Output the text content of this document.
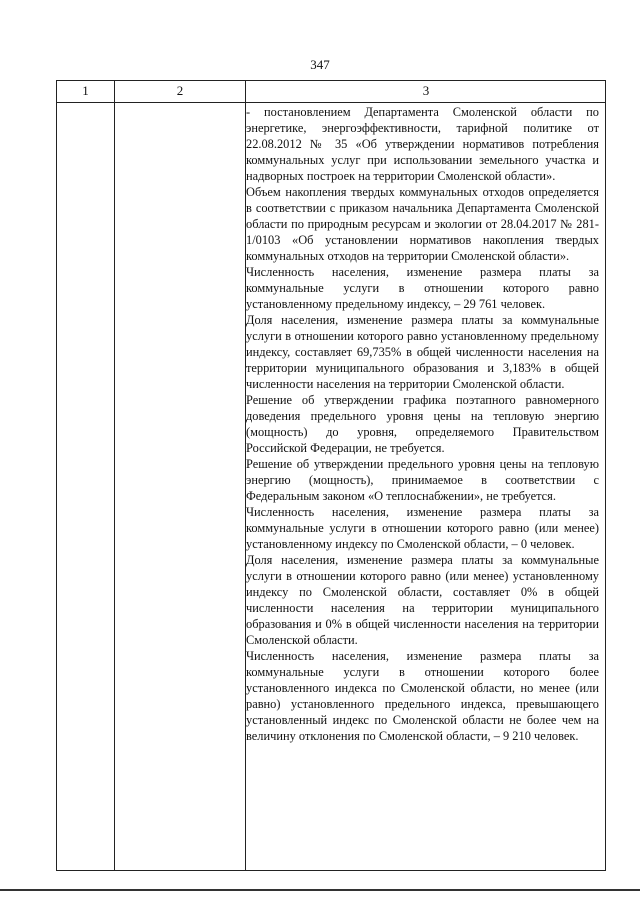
347
1	2	3

- постановлением Департамента Смоленской области по энергетике, энергоэффективности, тарифной политике от 22.08.2012 № 35 «Об утверждении нормативов потребления коммунальных услуг при использовании земельного участка и надворных построек на территории Смоленской области».

Объем накопления твердых коммунальных отходов определяется в соответствии с приказом начальника Департамента Смоленской области по природным ресурсам и экологии от 28.04.2017 № 281-1/0103 «Об установлении нормативов накопления твердых коммунальных отходов на территории Смоленской области».

Численность населения, изменение размера платы за коммунальные услуги в отношении которого равно установленному предельному индексу, – 29 761 человек.

Доля населения, изменение размера платы за коммунальные услуги в отношении которого равно установленному предельному индексу, составляет 69,735% в общей численности населения на территории муниципального образования и 3,183% в общей численности населения на территории Смоленской области.

Решение об утверждении графика поэтапного равномерного доведения предельного уровня цены на тепловую энергию (мощность) до уровня, определяемого Правительством Российской Федерации, не требуется.

Решение об утверждении предельного уровня цены на тепловую энергию (мощность), принимаемое в соответствии с Федеральным законом «О теплоснабжении», не требуется.

Численность населения, изменение размера платы за коммунальные услуги в отношении которого равно (или менее) установленному индексу по Смоленской области, – 0 человек.

Доля населения, изменение размера платы за коммунальные услуги в отношении которого равно (или менее) установленному индексу по Смоленской области, составляет 0% в общей численности населения на территории муниципального образования и 0% в общей численности населения на территории Смоленской области.

Численность населения, изменение размера платы за коммунальные услуги в отношении которого более установленного индекса по Смоленской области, но менее (или равно) установленного предельного индекса, превышающего установленный индекс по Смоленской области не более чем на величину отклонения по Смоленской области, – 9 210 человек.
